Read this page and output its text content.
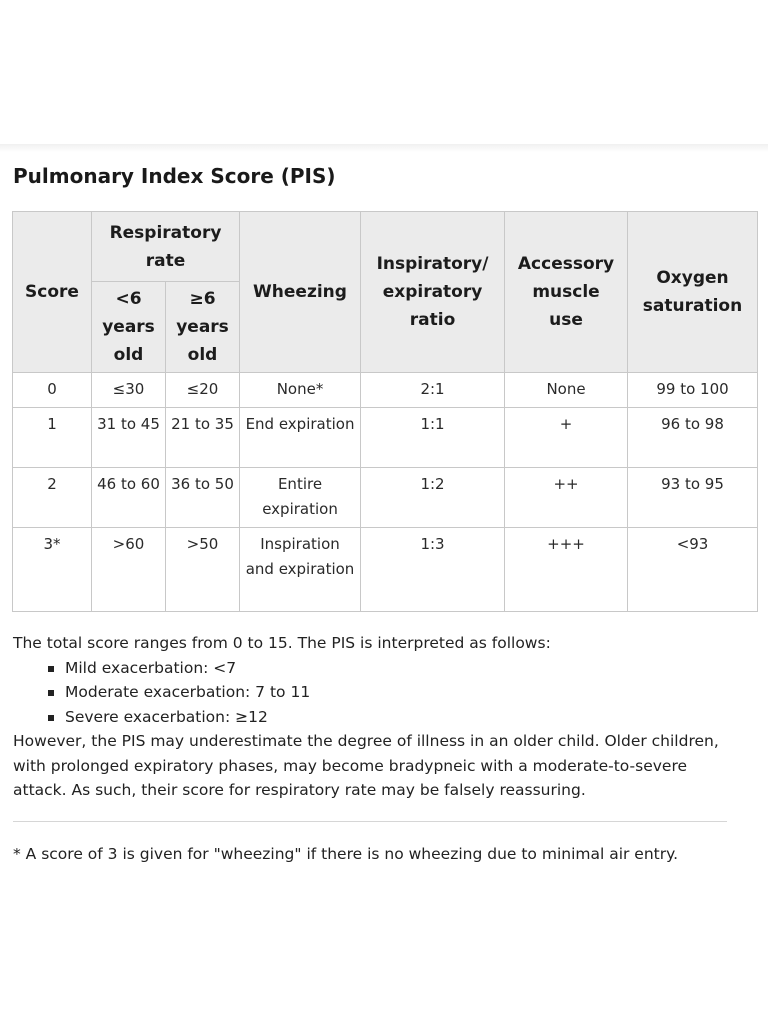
Pulmonary Index Score (PIS)
Score	Respiratory rate		Wheezing	Inspiratory/ expiratory ratio	Accessory muscle use	Oxygen saturation
	<6 years old	≥6 years old				
0	≤30	≤20	None*	2:1	None	99 to 100
1	31 to 45	21 to 35	End expiration	1:1	+	96 to 98
2	46 to 60	36 to 50	Entire expiration	1:2	++	93 to 95
3*	>60	>50	Inspiration and expiration	1:3	+++	<93

The total score ranges from 0 to 15. The PIS is interpreted as follows:

Mild exacerbation: <7
Moderate exacerbation: 7 to 11
Severe exacerbation: ≥12

However, the PIS may underestimate the degree of illness in an older child. Older children, with prolonged expiratory phases, may become bradypneic with a moderate-to-severe attack. As such, their score for respiratory rate may be falsely reassuring.

* A score of 3 is given for "wheezing" if there is no wheezing due to minimal air entry.
